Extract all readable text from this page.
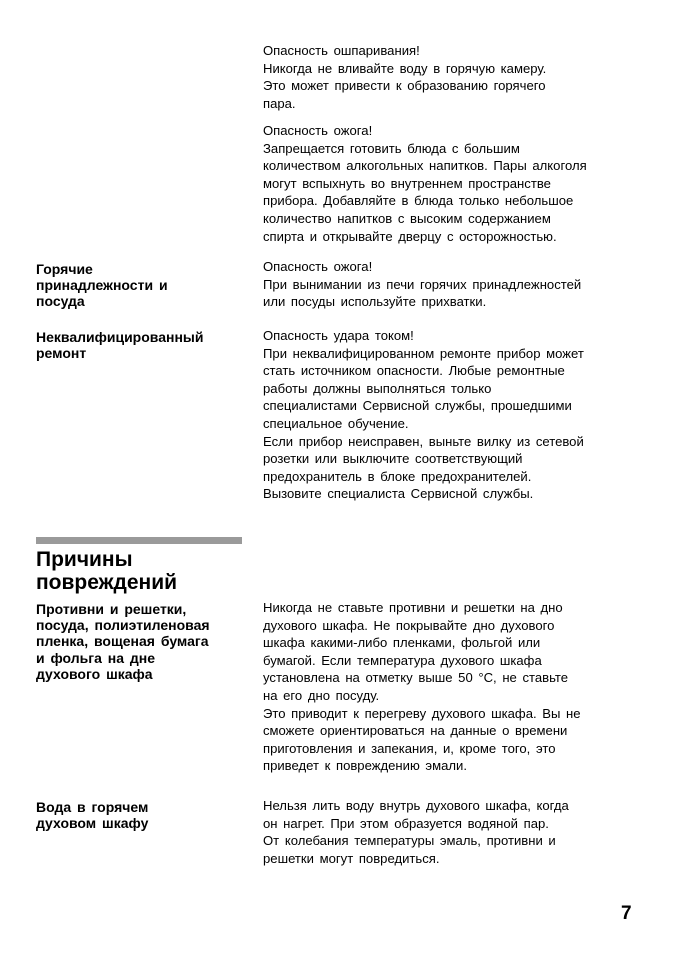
Опасность ошпаривания!

Никогда не вливайте воду в горячую камеру.

Это может привести к образованию горячего

пара.

Опасность ожога!

Запрещается готовить блюда с большим

количеством алкогольных напитков. Пары алкоголя

могут вспыхнуть во внутреннем пространстве

прибора. Добавляйте в блюда только небольшое

количество напитков с высоким содержанием

спирта и открывайте дверцу с осторожностью.

Горячие
принадлежности и
посуда

Опасность ожога!

При вынимании из печи горячих принадлежностей

или посуды используйте прихватки.

Неквалифицированный
ремонт

Опасность удара током!

При неквалифицированном ремонте прибор может

стать источником опасности. Любые ремонтные

работы должны выполняться только

специалистами Сервисной службы, прошедшими

специальное обучение.

Если прибор неисправен, выньте вилку из сетевой

розетки или выключите соответствующий

предохранитель в блоке предохранителей.

Вызовите специалиста Сервисной службы.

Причины
повреждений
Противни и решетки,
посуда, полиэтиленовая
пленка, вощеная бумага
и фольга на дне
духового шкафа

Никогда не ставьте противни и решетки на дно

духового шкафа. Не покрывайте дно духового

шкафа какими-либо пленками, фольгой или

бумагой. Если температура духового шкафа

установлена на отметку выше 50 °C, не ставьте

на его дно посуду.

Это приводит к перегреву духового шкафа. Вы не

сможете ориентироваться на данные о времени

приготовления и запекания, и, кроме того, это

приведет к повреждению эмали.

Вода в горячем
духовом шкафу

Нельзя лить воду внутрь духового шкафа, когда

он нагрет. При этом образуется водяной пар.

От колебания температуры эмаль, противни и

решетки могут повредиться.

7
